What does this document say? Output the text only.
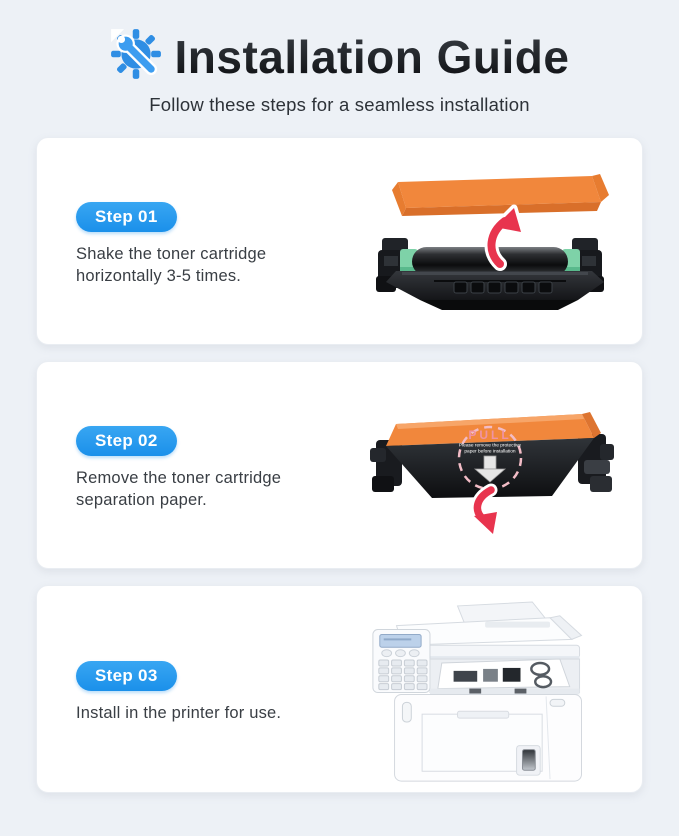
Installation Guide
Follow these steps for a seamless installation
Step 01
Shake the toner cartridge horizontally 3-5 times.
Step 02
Remove the toner cartridge separation paper.
PULL
Please remove the protective
paper before installation
Step 03
Install in the printer for use.
